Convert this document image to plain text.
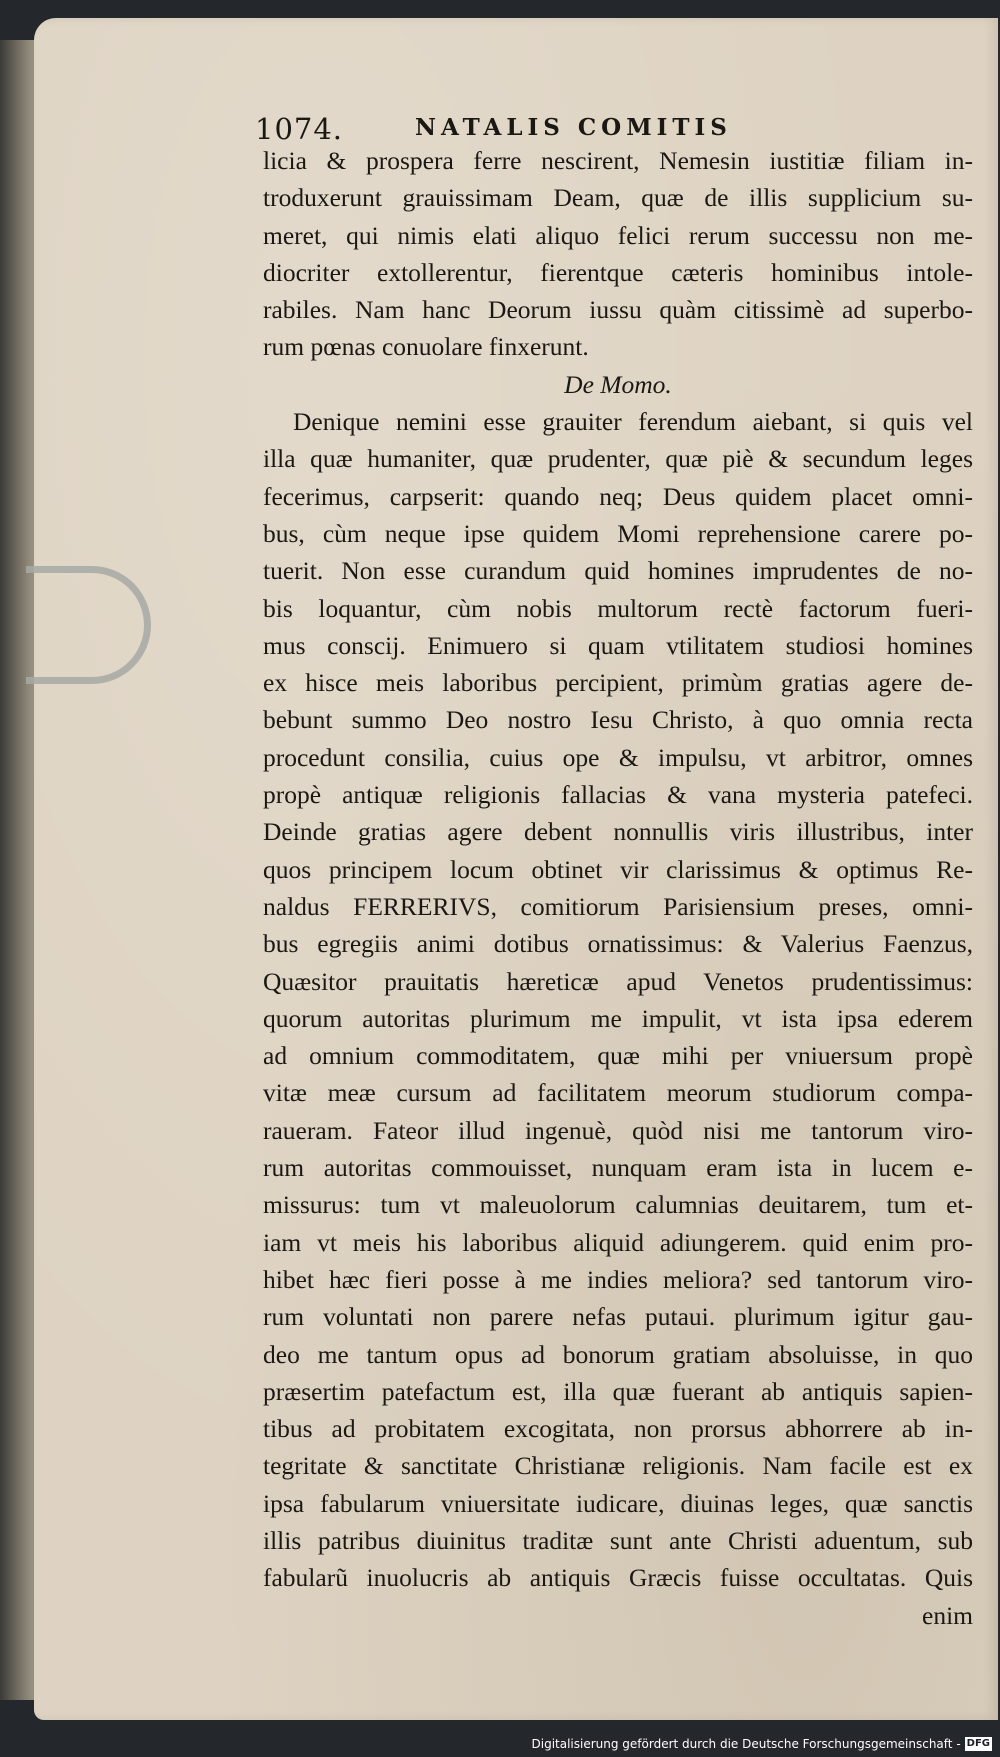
1074.	NATALIS COMITIS
licia & prospera ferre nescirent, Nemesin iustitiæ filiam in-
troduxerunt grauissimam Deam, quæ de illis supplicium su-
meret, qui nimis elati aliquo felici rerum successu non me-
diocriter extollerentur, fierentque cæteris hominibus intole-
rabiles. Nam hanc Deorum iussu quàm citissimè ad superbo-
rum pœnas conuolare finxerunt.
De Momo.
Denique nemini esse grauiter ferendum aiebant, si quis vel
illa quæ humaniter, quæ prudenter, quæ piè & secundum leges
fecerimus, carpserit: quando neq; Deus quidem placet omni-
bus, cùm neque ipse quidem Momi reprehensione carere po-
tuerit. Non esse curandum quid homines imprudentes de no-
bis loquantur, cùm nobis multorum rectè factorum fueri-
mus conscij. Enimuero si quam vtilitatem studiosi homines
ex hisce meis laboribus percipient, primùm gratias agere de-
bebunt summo Deo nostro Iesu Christo, à quo omnia recta
procedunt consilia, cuius ope & impulsu, vt arbitror, omnes
propè antiquæ religionis fallacias & vana mysteria patefeci.
Deinde gratias agere debent nonnullis viris illustribus, inter
quos principem locum obtinet vir clarissimus & optimus Re-
naldus FERRERIVS, comitiorum Parisiensium preses, omni-
bus egregiis animi dotibus ornatissimus: & Valerius Faenzus,
Quæsitor prauitatis hæreticæ apud Venetos prudentissimus:
quorum autoritas plurimum me impulit, vt ista ipsa ederem
ad omnium commoditatem, quæ mihi per vniuersum propè
vitæ meæ cursum ad facilitatem meorum studiorum compa-
raueram. Fateor illud ingenuè, quòd nisi me tantorum viro-
rum autoritas commouisset, nunquam eram ista in lucem e-
missurus: tum vt maleuolorum calumnias deuitarem, tum et-
iam vt meis his laboribus aliquid adiungerem. quid enim pro-
hibet hæc fieri posse à me indies meliora? sed tantorum viro-
rum voluntati non parere nefas putaui. plurimum igitur gau-
deo me tantum opus ad bonorum gratiam absoluisse, in quo
præsertim patefactum est, illa quæ fuerant ab antiquis sapien-
tibus ad probitatem excogitata, non prorsus abhorrere ab in-
tegritate & sanctitate Christianæ religionis. Nam facile est ex
ipsa fabularum vniuersitate iudicare, diuinas leges, quæ sanctis
illis patribus diuinitus traditæ sunt ante Christi aduentum, sub
fabularũ inuolucris ab antiquis Græcis fuisse occultatas. Quis
enim
Digitalisierung gefördert durch die Deutsche Forschungsgemeinschaft - DFG
